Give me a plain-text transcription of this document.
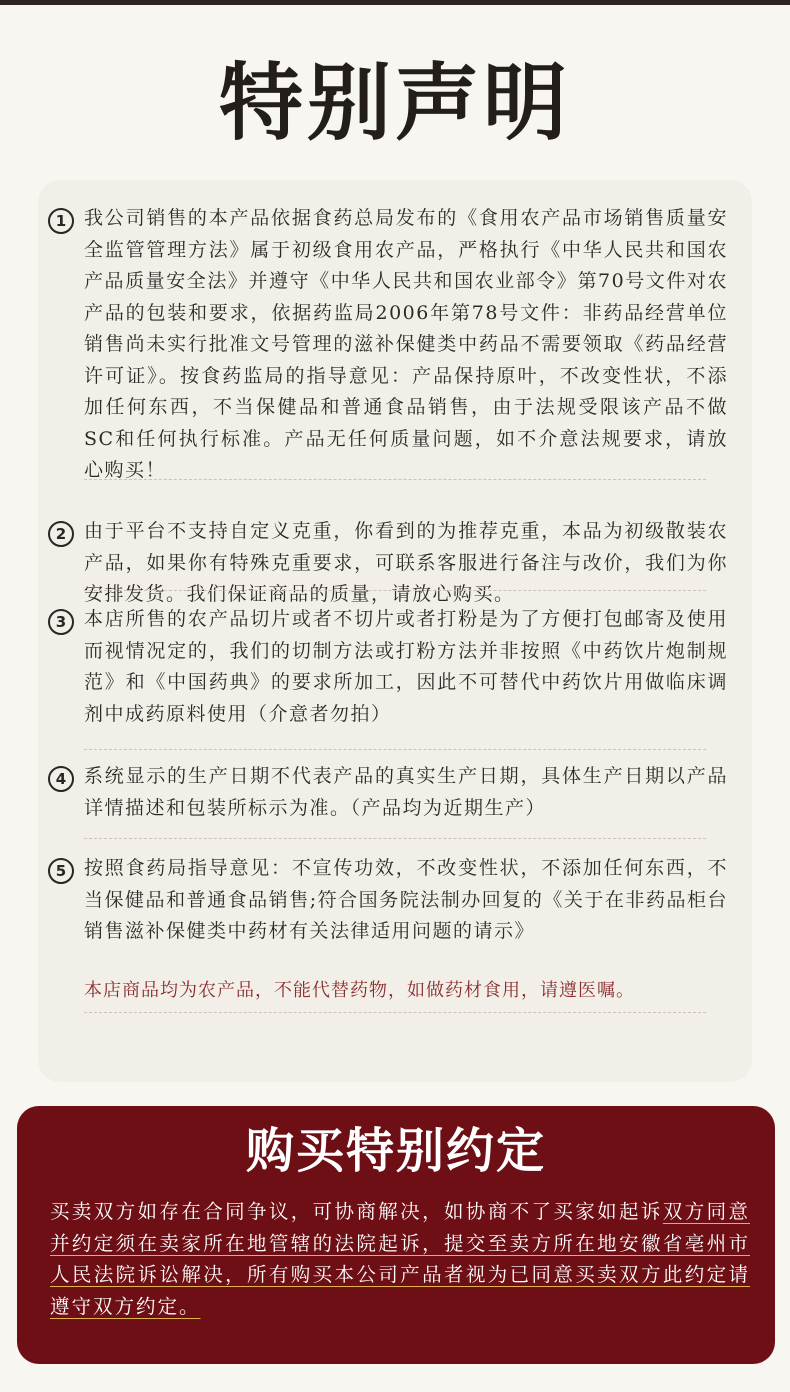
特别声明
1 我公司销售的本产品依据食药总局发布的《食用农产品市场销售质量安全监管管理方法》属于初级食用农产品，严格执行《中华人民共和国农产品质量安全法》并遵守《中华人民共和国农业部令》第70号文件对农产品的包装和要求，依据药监局2006年第78号文件：非药品经营单位销售尚未实行批准文号管理的滋补保健类中药品不需要领取《药品经营许可证》。按食药监局的指导意见：产品保持原叶，不改变性状，不添加任何东西，不当保健品和普通食品销售，由于法规受限该产品不做SC和任何执行标准。产品无任何质量问题，如不介意法规要求，请放心购买！
2 由于平台不支持自定义克重，你看到的为推荐克重，本品为初级散装农产品，如果你有特殊克重要求，可联系客服进行备注与改价，我们为你安排发货。我们保证商品的质量，请放心购买。
3 本店所售的农产品切片或者不切片或者打粉是为了方便打包邮寄及使用而视情况定的，我们的切制方法或打粉方法并非按照《中药饮片炮制规范》和《中国药典》的要求所加工，因此不可替代中药饮片用做临床调剂中成药原料使用（介意者勿拍）
4 系统显示的生产日期不代表产品的真实生产日期，具体生产日期以产品详情描述和包装所标示为准。（产品均为近期生产）
5 按照食药局指导意见：不宣传功效，不改变性状，不添加任何东西，不当保健品和普通食品销售;符合国务院法制办回复的《关于在非药品柜台销售滋补保健类中药材有关法律适用问题的请示》
本店商品均为农产品，不能代替药物，如做药材食用，请遵医嘱。
购买特别约定
买卖双方如存在合同争议，可协商解决，如协商不了买家如起诉双方同意并约定须在卖家所在地管辖的法院起诉，提交至卖方所在地安徽省亳州市人民法院诉讼解决，所有购买本公司产品者视为已同意买卖双方此约定请遵守双方约定。
